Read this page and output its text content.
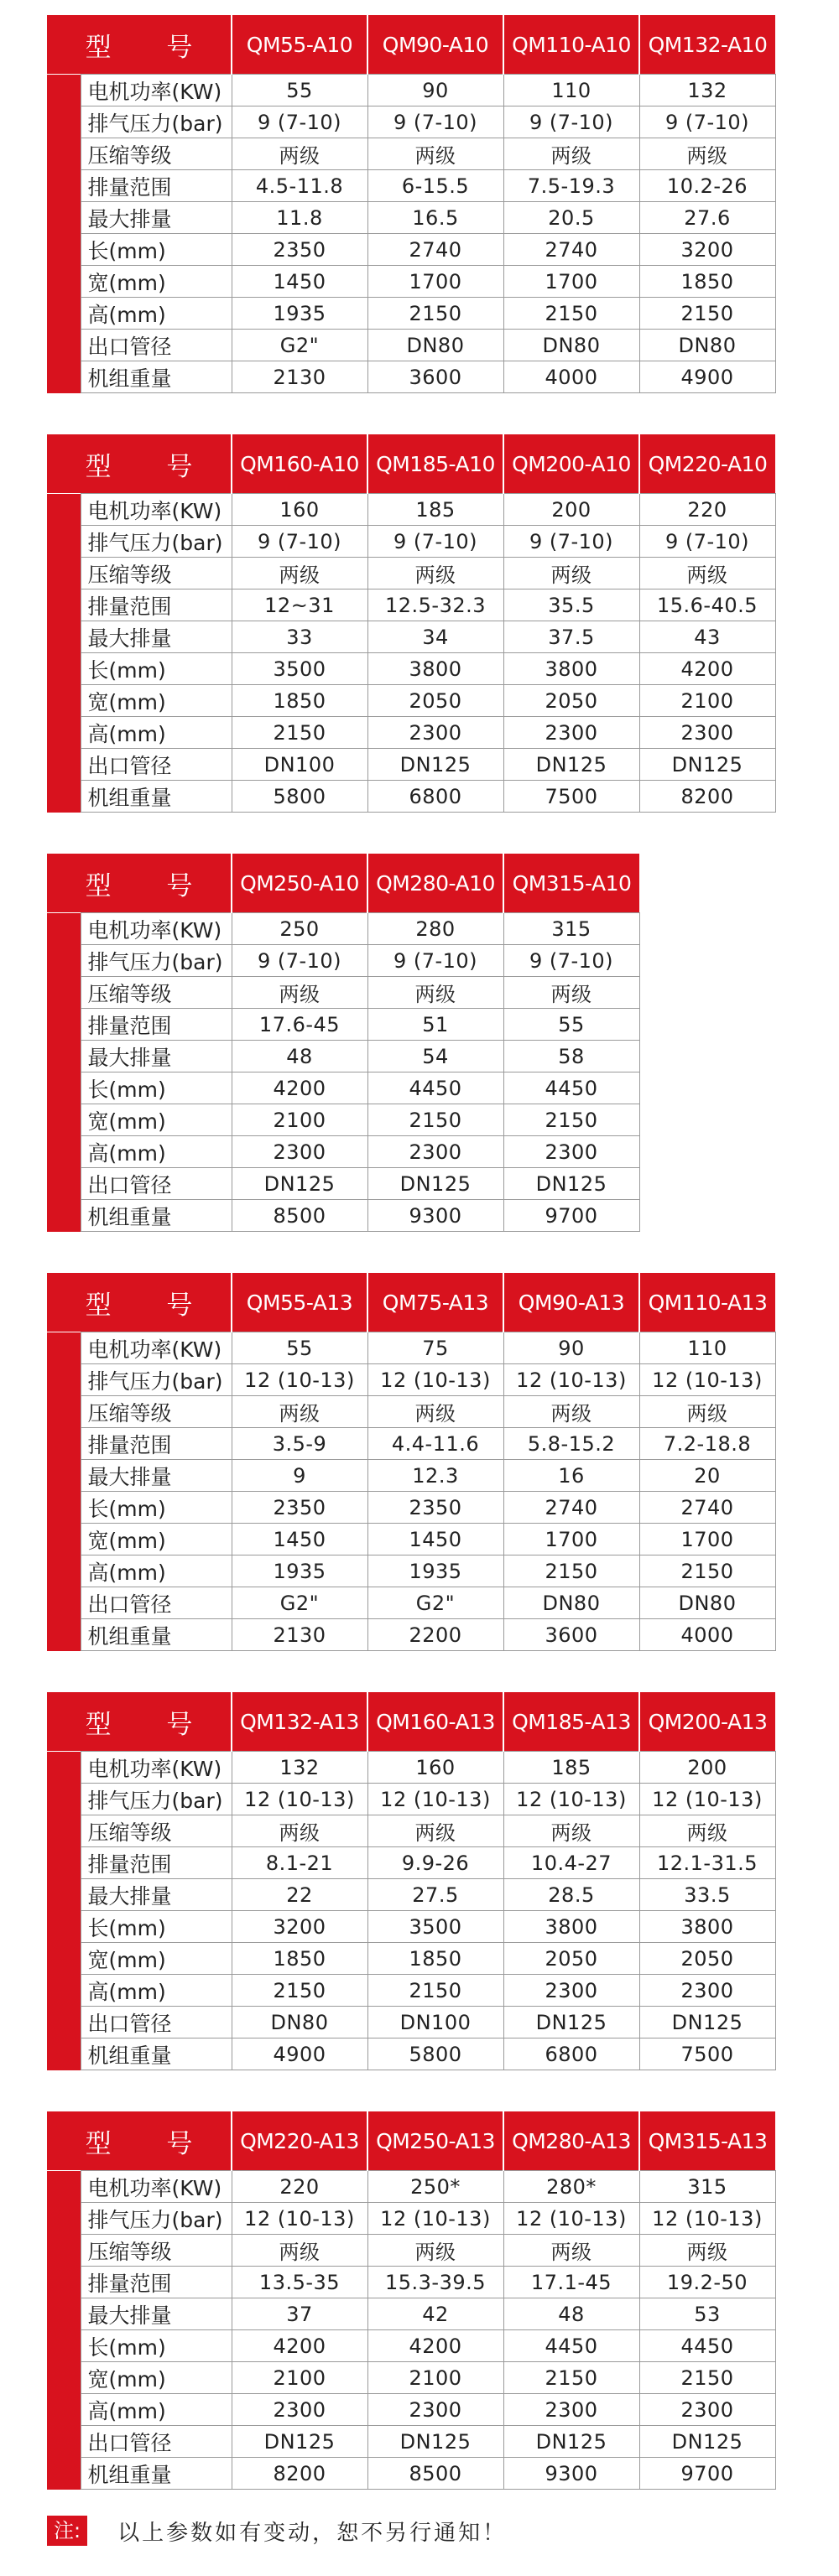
型 号		QM55-A10	QM90-A10	QM110-A10	QM132-A10
	电机功率(KW)	55	90	110	132
	排气压力(bar)	9 (7-10)	9 (7-10)	9 (7-10)	9 (7-10)
	压缩等级	两级	两级	两级	两级
	排量范围	4.5-11.8	6-15.5	7.5-19.3	10.2-26
	最大排量	11.8	16.5	20.5	27.6
	长(mm)	2350	2740	2740	3200
	宽(mm)	1450	1700	1700	1850
	高(mm)	1935	2150	2150	2150
	出口管径	G2"	DN80	DN80	DN80
	机组重量	2130	3600	4000	4900
型 号		QM160-A10	QM185-A10	QM200-A10	QM220-A10
	电机功率(KW)	160	185	200	220
	排气压力(bar)	9 (7-10)	9 (7-10)	9 (7-10)	9 (7-10)
	压缩等级	两级	两级	两级	两级
	排量范围	12~31	12.5-32.3	35.5	15.6-40.5
	最大排量	33	34	37.5	43
	长(mm)	3500	3800	3800	4200
	宽(mm)	1850	2050	2050	2100
	高(mm)	2150	2300	2300	2300
	出口管径	DN100	DN125	DN125	DN125
	机组重量	5800	6800	7500	8200
型 号		QM250-A10	QM280-A10	QM315-A10
	电机功率(KW)	250	280	315
	排气压力(bar)	9 (7-10)	9 (7-10)	9 (7-10)
	压缩等级	两级	两级	两级
	排量范围	17.6-45	51	55
	最大排量	48	54	58
	长(mm)	4200	4450	4450
	宽(mm)	2100	2150	2150
	高(mm)	2300	2300	2300
	出口管径	DN125	DN125	DN125
	机组重量	8500	9300	9700
型 号		QM55-A13	QM75-A13	QM90-A13	QM110-A13
	电机功率(KW)	55	75	90	110
	排气压力(bar)	12 (10-13)	12 (10-13)	12 (10-13)	12 (10-13)
	压缩等级	两级	两级	两级	两级
	排量范围	3.5-9	4.4-11.6	5.8-15.2	7.2-18.8
	最大排量	9	12.3	16	20
	长(mm)	2350	2350	2740	2740
	宽(mm)	1450	1450	1700	1700
	高(mm)	1935	1935	2150	2150
	出口管径	G2"	G2"	DN80	DN80
	机组重量	2130	2200	3600	4000
型 号		QM132-A13	QM160-A13	QM185-A13	QM200-A13
	电机功率(KW)	132	160	185	200
	排气压力(bar)	12 (10-13)	12 (10-13)	12 (10-13)	12 (10-13)
	压缩等级	两级	两级	两级	两级
	排量范围	8.1-21	9.9-26	10.4-27	12.1-31.5
	最大排量	22	27.5	28.5	33.5
	长(mm)	3200	3500	3800	3800
	宽(mm)	1850	1850	2050	2050
	高(mm)	2150	2150	2300	2300
	出口管径	DN80	DN100	DN125	DN125
	机组重量	4900	5800	6800	7500
型 号		QM220-A13	QM250-A13	QM280-A13	QM315-A13
	电机功率(KW)	220	250*	280*	315
	排气压力(bar)	12 (10-13)	12 (10-13)	12 (10-13)	12 (10-13)
	压缩等级	两级	两级	两级	两级
	排量范围	13.5-35	15.3-39.5	17.1-45	19.2-50
	最大排量	37	42	48	53
	长(mm)	4200	4200	4450	4450
	宽(mm)	2100	2100	2150	2150
	高(mm)	2300	2300	2300	2300
	出口管径	DN125	DN125	DN125	DN125
	机组重量	8200	8500	9300	9700
注:	以上参数如有变动，恕不另行通知！
